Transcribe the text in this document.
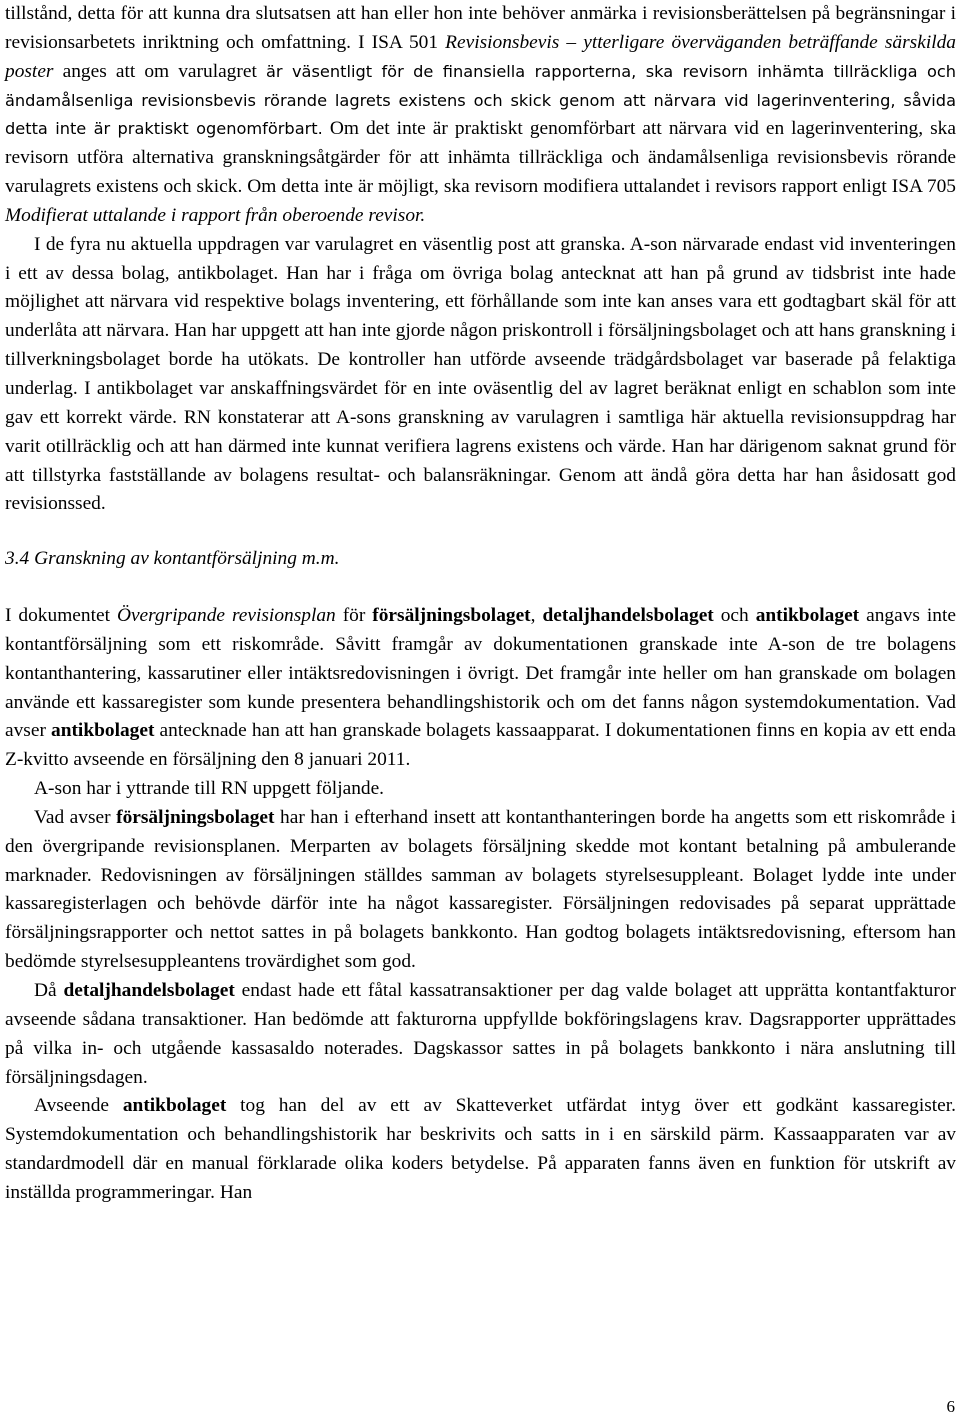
tillstånd, detta för att kunna dra slutsatsen att han eller hon inte behöver anmärka i revisionsberättelsen på begränsningar i revisionsarbetets inriktning och omfattning. I ISA 501 Revisionsbevis – ytterligare överväganden beträffande särskilda poster anges att om varulagret är väsentligt för de finansiella rapporterna, ska revisorn inhämta tillräckliga och ändamålsenliga revisionsbevis rörande lagrets existens och skick genom att närvara vid lagerinventering, såvida detta inte är praktiskt ogenomförbart. Om det inte är praktiskt genomförbart att närvara vid en lagerinventering, ska revisorn utföra alternativa granskningsåtgärder för att inhämta tillräckliga och ändamålsenliga revisionsbevis rörande varulagrets existens och skick. Om detta inte är möjligt, ska revisorn modifiera uttalandet i revisors rapport enligt ISA 705 Modifierat uttalande i rapport från oberoende revisor.

I de fyra nu aktuella uppdragen var varulagret en väsentlig post att granska. A-son närvarade endast vid inventeringen i ett av dessa bolag, antikbolaget. Han har i fråga om övriga bolag antecknat att han på grund av tidsbrist inte hade möjlighet att närvara vid respektive bolags inventering, ett förhållande som inte kan anses vara ett godtagbart skäl för att underlåta att närvara. Han har uppgett att han inte gjorde någon priskontroll i försäljningsbolaget och att hans granskning i tillverkningsbolaget borde ha utökats. De kontroller han utförde avseende trädgårdsbolaget var baserade på felaktiga underlag. I antikbolaget var anskaffningsvärdet för en inte oväsentlig del av lagret beräknat enligt en schablon som inte gav ett korrekt värde. RN konstaterar att A-sons granskning av varulagren i samtliga här aktuella revisionsuppdrag har varit otillräcklig och att han därmed inte kunnat verifiera lagrens existens och värde. Han har därigenom saknat grund för att tillstyrka fastställande av bolagens resultat- och balansräkningar. Genom att ändå göra detta har han åsidosatt god revisionssed.

3.4 Granskning av kontantförsäljning m.m.

I dokumentet Övergripande revisionsplan för försäljningsbolaget, detaljhandelsbolaget och antikbolaget angavs inte kontantförsäljning som ett riskområde. Såvitt framgår av dokumentationen granskade inte A-son de tre bolagens kontanthantering, kassarutiner eller intäktsredovisningen i övrigt. Det framgår inte heller om han granskade om bolagen använde ett kassaregister som kunde presentera behandlingshistorik och om det fanns någon systemdokumentation. Vad avser antikbolaget antecknade han att han granskade bolagets kassaapparat. I dokumentationen finns en kopia av ett enda Z-kvitto avseende en försäljning den 8 januari 2011.

A-son har i yttrande till RN uppgett följande.

Vad avser försäljningsbolaget har han i efterhand insett att kontanthanteringen borde ha angetts som ett riskområde i den övergripande revisionsplanen. Merparten av bolagets försäljning skedde mot kontant betalning på ambulerande marknader. Redovisningen av försäljningen ställdes samman av bolagets styrelsesuppleant. Bolaget lydde inte under kassaregisterlagen och behövde därför inte ha något kassaregister. Försäljningen redovisades på separat upprättade försäljningsrapporter och nettot sattes in på bolagets bankkonto. Han godtog bolagets intäktsredovisning, eftersom han bedömde styrelsesuppleantens trovärdighet som god.

Då detaljhandelsbolaget endast hade ett fåtal kassatransaktioner per dag valde bolaget att upprätta kontantfakturor avseende sådana transaktioner. Han bedömde att fakturorna uppfyllde bokföringslagens krav. Dagsrapporter upprättades på vilka in- och utgående kassasaldo noterades. Dagskassor sattes in på bolagets bankkonto i nära anslutning till försäljningsdagen.

Avseende antikbolaget tog han del av ett av Skatteverket utfärdat intyg över ett godkänt kassaregister. Systemdokumentation och behandlingshistorik har beskrivits och satts in i en särskild pärm. Kassaapparaten var av standardmodell där en manual förklarade olika koders betydelse. På apparaten fanns även en funktion för utskrift av inställda programmeringar. Han

6
